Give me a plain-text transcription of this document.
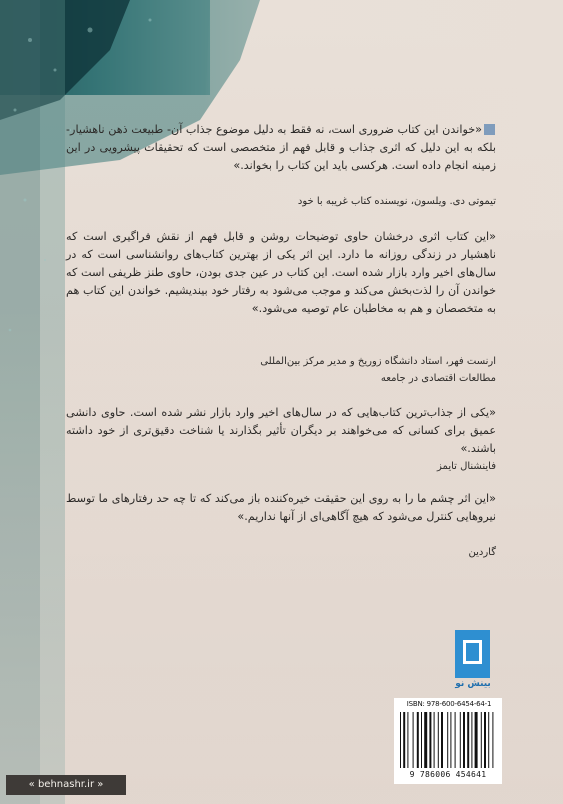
«خواندن این کتاب ضروری است، نه فقط به دلیل موضوع جذاب آن- طبیعت ذهن ناهشیار- بلکه به این دلیل که اثری جذاب و قابل فهم از متخصصی است که تحقیقات پیشرویی در این زمینه انجام داده است. هرکسی باید این کتاب را بخواند.»

تیموتی دی. ویلسون، نویسنده کتاب غریبه با خود

«این کتاب اثری درخشان حاوی توضیحات روشن و قابل فهم از نقش فراگیری است که ناهشیار در زندگی روزانه ما دارد. این اثر یکی از بهترین کتاب‌های روانشناسی است که در سال‌های اخیر وارد بازار شده است. این کتاب در عین جدی بودن، حاوی طنز ظریفی است که خواندن آن را لذت‌بخش می‌کند و موجب می‌شود به رفتار خود بیندیشیم. خواندن این کتاب هم به متخصصان و هم به مخاطبان عام توصیه می‌شود.»

ارنست فهر، استاد دانشگاه زوریخ و مدیر مرکز بین‌المللی
مطالعات اقتصادی در جامعه

«یکی از جذاب‌ترین کتاب‌هایی که در سال‌های اخیر وارد بازار نشر شده است. حاوی دانشی عمیق برای کسانی که می‌خواهند بر دیگران تأثیر بگذارند یا شناخت دقیق‌تری از خود داشته باشند.»

فاینشنال تایمز

«این اثر چشم ما را به روی این حقیقت خیره‌کننده باز می‌کند که تا چه حد رفتارهای ما توسط نیروهایی کنترل می‌شود که هیچ آگاهی‌ای از آنها نداریم.»

گاردین
بینش نو
ISBN: 978-600-6454-64-1
9 786006 454641
« behnashr.ir »
